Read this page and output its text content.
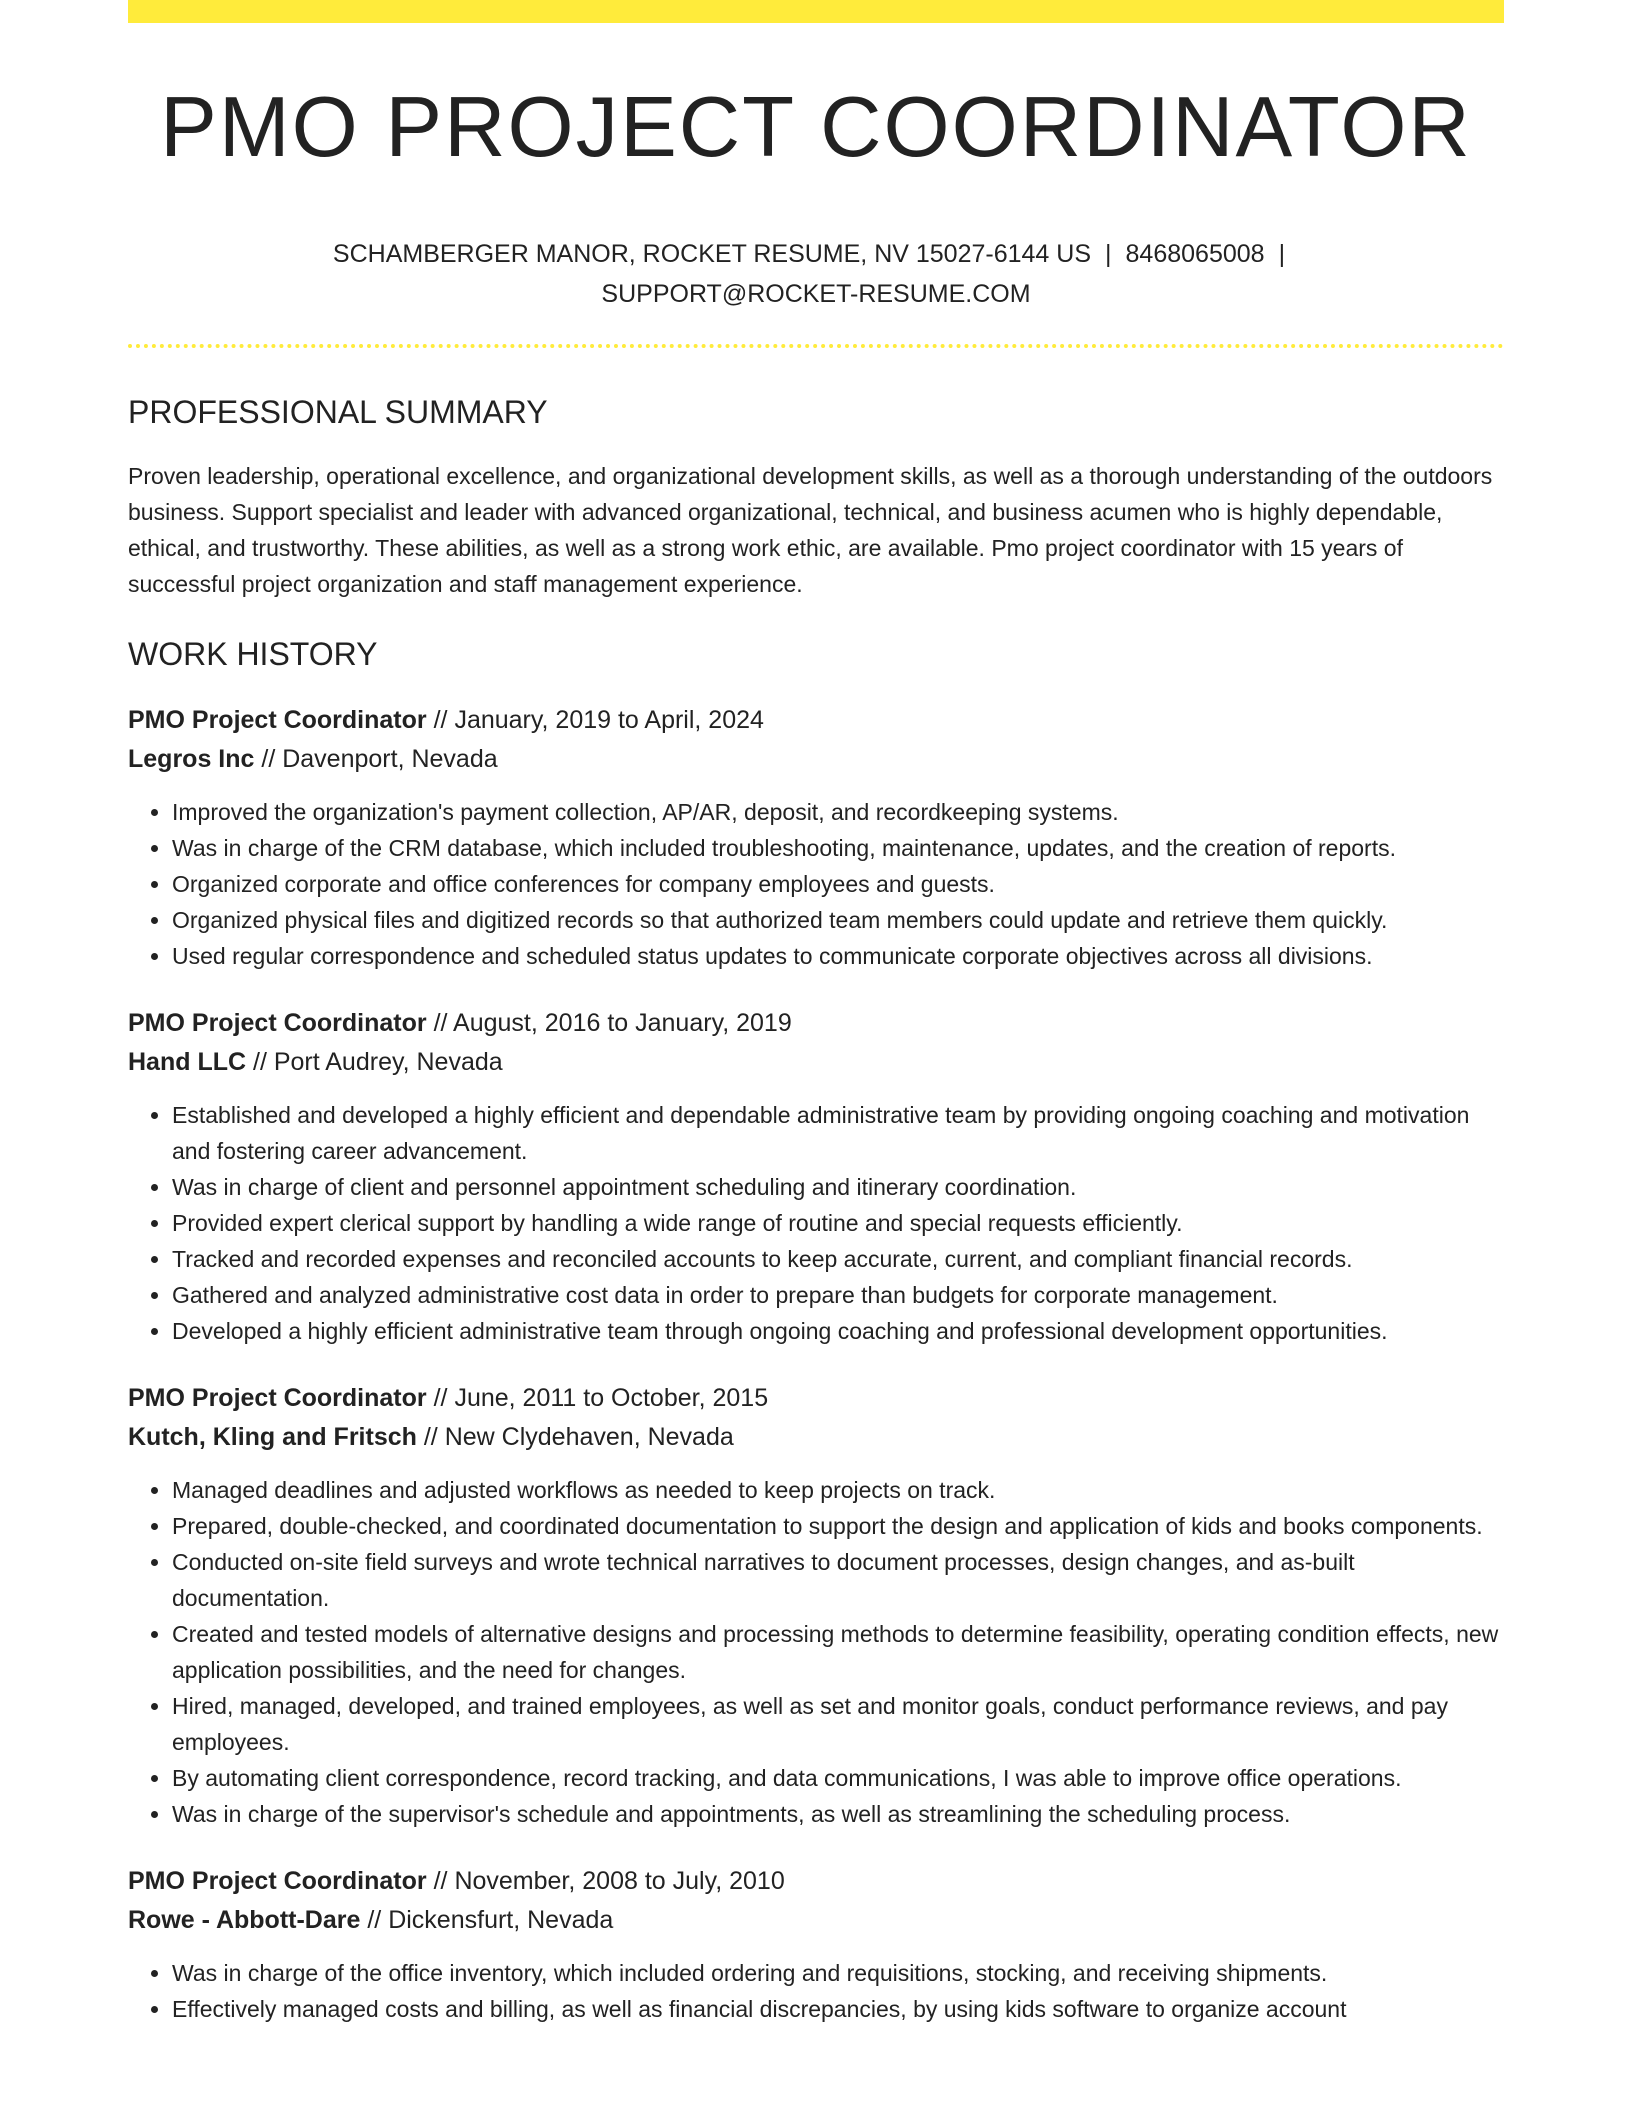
PMO PROJECT COORDINATOR
SCHAMBERGER MANOR, ROCKET RESUME, NV 15027-6144 US | 8468065008 |
SUPPORT@ROCKET-RESUME.COM
PROFESSIONAL SUMMARY

Proven leadership, operational excellence, and organizational development skills, as well as a thorough understanding of the outdoors business. Support specialist and leader with advanced organizational, technical, and business acumen who is highly dependable, ethical, and trustworthy. These abilities, as well as a strong work ethic, are available. Pmo project coordinator with 15 years of successful project organization and staff management experience.

WORK HISTORY
PMO Project Coordinator // January, 2019 to April, 2024
Legros Inc // Davenport, Nevada
• Improved the organization's payment collection, AP/AR, deposit, and recordkeeping systems.
• Was in charge of the CRM database, which included troubleshooting, maintenance, updates, and the creation of reports.
• Organized corporate and office conferences for company employees and guests.
• Organized physical files and digitized records so that authorized team members could update and retrieve them quickly.
• Used regular correspondence and scheduled status updates to communicate corporate objectives across all divisions.
PMO Project Coordinator // August, 2016 to January, 2019
Hand LLC // Port Audrey, Nevada
• Established and developed a highly efficient and dependable administrative team by providing ongoing coaching and motivation and fostering career advancement.
• Was in charge of client and personnel appointment scheduling and itinerary coordination.
• Provided expert clerical support by handling a wide range of routine and special requests efficiently.
• Tracked and recorded expenses and reconciled accounts to keep accurate, current, and compliant financial records.
• Gathered and analyzed administrative cost data in order to prepare than budgets for corporate management.
• Developed a highly efficient administrative team through ongoing coaching and professional development opportunities.
PMO Project Coordinator // June, 2011 to October, 2015
Kutch, Kling and Fritsch // New Clydehaven, Nevada
• Managed deadlines and adjusted workflows as needed to keep projects on track.
• Prepared, double-checked, and coordinated documentation to support the design and application of kids and books components.
• Conducted on-site field surveys and wrote technical narratives to document processes, design changes, and as-built documentation.
• Created and tested models of alternative designs and processing methods to determine feasibility, operating condition effects, new application possibilities, and the need for changes.
• Hired, managed, developed, and trained employees, as well as set and monitor goals, conduct performance reviews, and pay employees.
• By automating client correspondence, record tracking, and data communications, I was able to improve office operations.
• Was in charge of the supervisor's schedule and appointments, as well as streamlining the scheduling process.
PMO Project Coordinator // November, 2008 to July, 2010
Rowe - Abbott-Dare // Dickensfurt, Nevada
• Was in charge of the office inventory, which included ordering and requisitions, stocking, and receiving shipments.
• Effectively managed costs and billing, as well as financial discrepancies, by using kids software to organize account
